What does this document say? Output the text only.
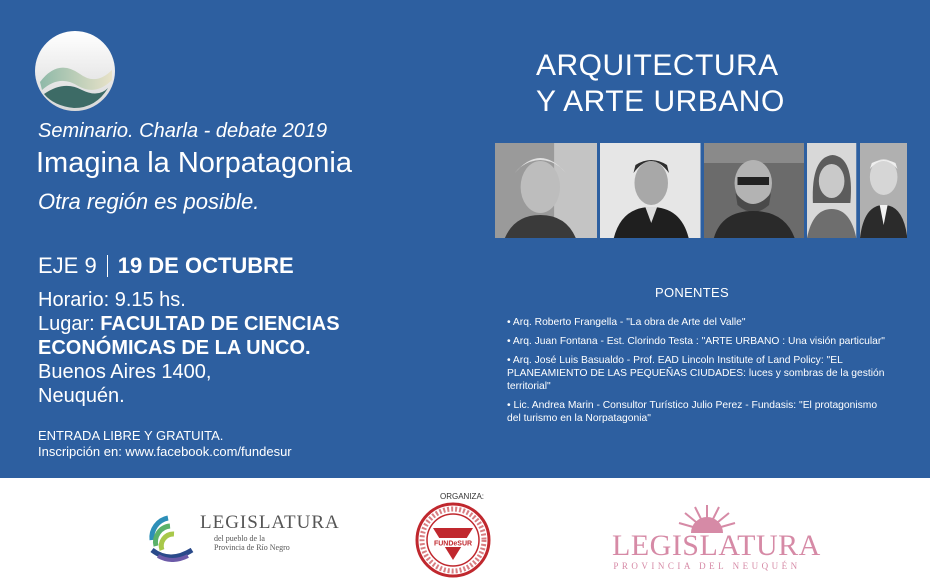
Seminario. Charla - debate 2019
Imagina la Norpatagonia
Otra región es posible.
EJE 9 19 DE OCTUBRE
Horario: 9.15 hs.
Lugar: FACULTAD DE CIENCIAS
ECONÓMICAS DE LA UNCO.
Buenos Aires 1400,
Neuquén.
ENTRADA LIBRE Y GRATUITA.
Inscripción en: www.facebook.com/fundesur
ARQUITECTURA
Y ARTE URBANO
PONENTES
• Arq. Roberto Frangella - "La obra de Arte del Valle"
• Arq. Juan Fontana - Est. Clorindo Testa : "ARTE URBANO : Una visión particular"
• Arq. José Luis Basualdo - Prof. EAD Lincoln Institute of Land Policy: "EL PLANEAMIENTO DE LAS PEQUEÑAS CIUDADES: luces y sombras de la gestión territorial"
• Lic. Andrea Marin - Consultor Turístico Julio Perez - Fundasis: "El protagonismo del turismo en la Norpatagonia"
ORGANIZA:
LEGISLATURA
del pueblo de la
Provincia de Río Negro	FUNDeSUR	LEGISLATURA
PROVINCIA DEL NEUQUÉN
